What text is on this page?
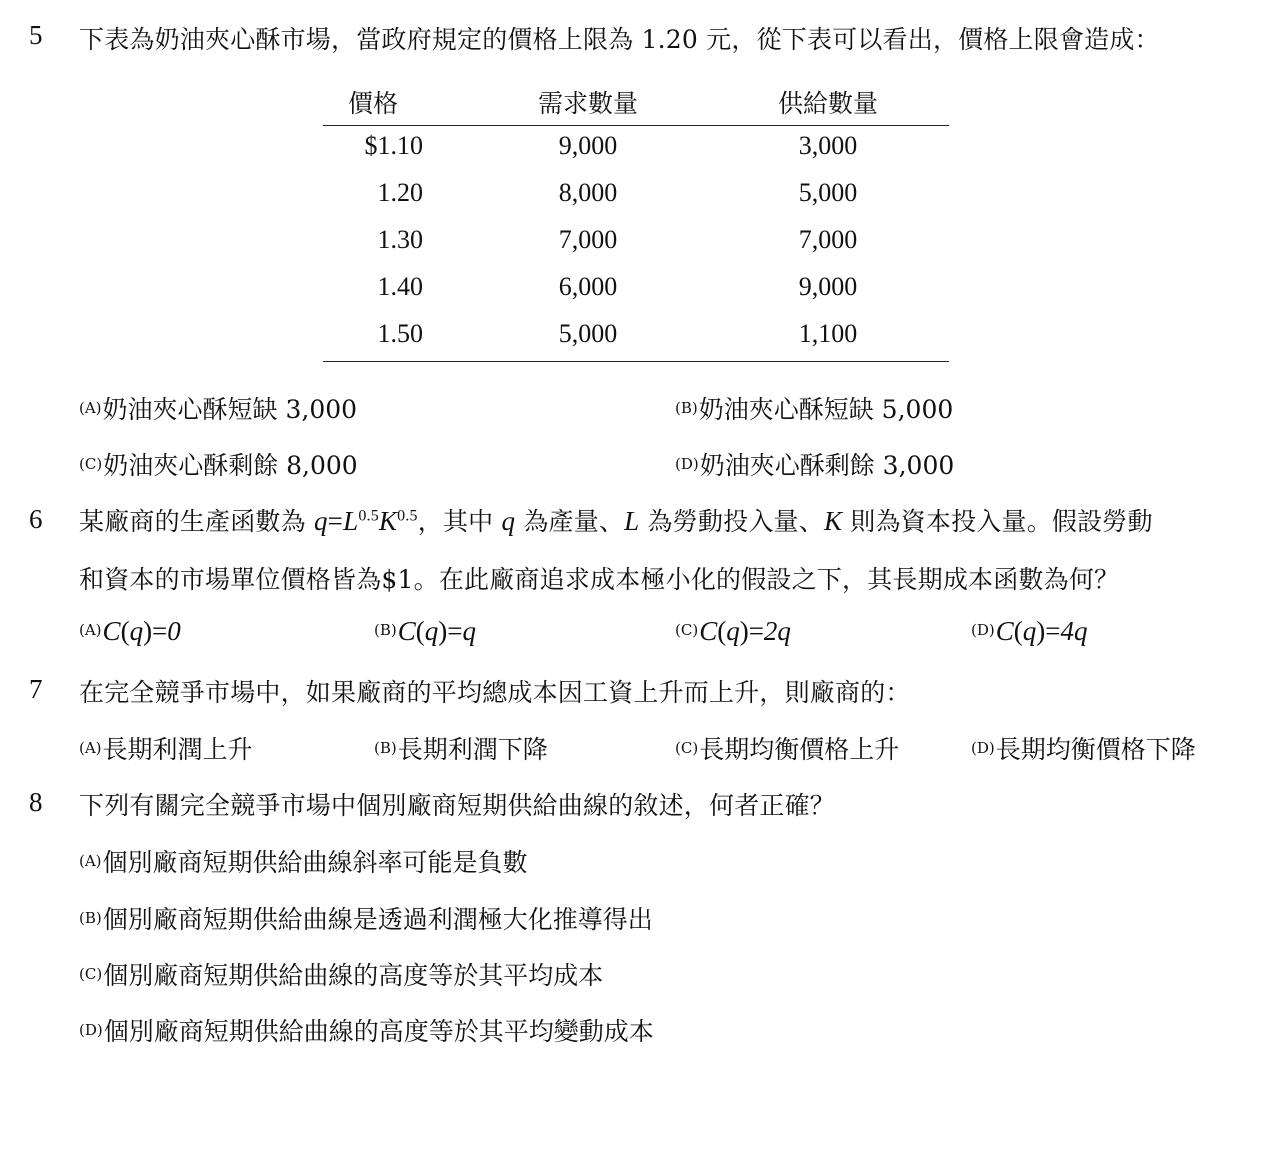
5 下表為奶油夾心酥市場，當政府規定的價格上限為 1.20 元，從下表可以看出，價格上限會造成：
價格	需求數量	供給數量
$1.10	9,000	3,000
1.20	8,000	5,000
1.30	7,000	7,000
1.40	6,000	9,000
1.50	5,000	1,100
$^{(A)}$奶油夾心酥短缺 3,000	$^{(B)}$奶油夾心酥短缺 5,000
$^{(C)}$奶油夾心酥剩餘 8,000	$^{(D)}$奶油夾心酥剩餘 3,000
6 某廠商的生產函數為 $q=L^{0.5}K^{0.5}$，其中 q 為產量、L 為勞動投入量、K 則為資本投入量。假設勞動
和資本的市場單位價格皆為$1。在此廠商追求成本極小化的假設之下，其長期成本函數為何？
$^{(A)}$C(q)=0	$^{(B)}$C(q)=q	$^{(C)}$C(q)=2q	$^{(D)}$C(q)=4q
7 在完全競爭市場中，如果廠商的平均總成本因工資上升而上升，則廠商的：
$^{(A)}$長期利潤上升	$^{(B)}$長期利潤下降	$^{(C)}$長期均衡價格上升	$^{(D)}$長期均衡價格下降
8 下列有關完全競爭市場中個別廠商短期供給曲線的敘述，何者正確？
$^{(A)}$個別廠商短期供給曲線斜率可能是負數
$^{(B)}$個別廠商短期供給曲線是透過利潤極大化推導得出
$^{(C)}$個別廠商短期供給曲線的高度等於其平均成本
$^{(D)}$個別廠商短期供給曲線的高度等於其平均變動成本
